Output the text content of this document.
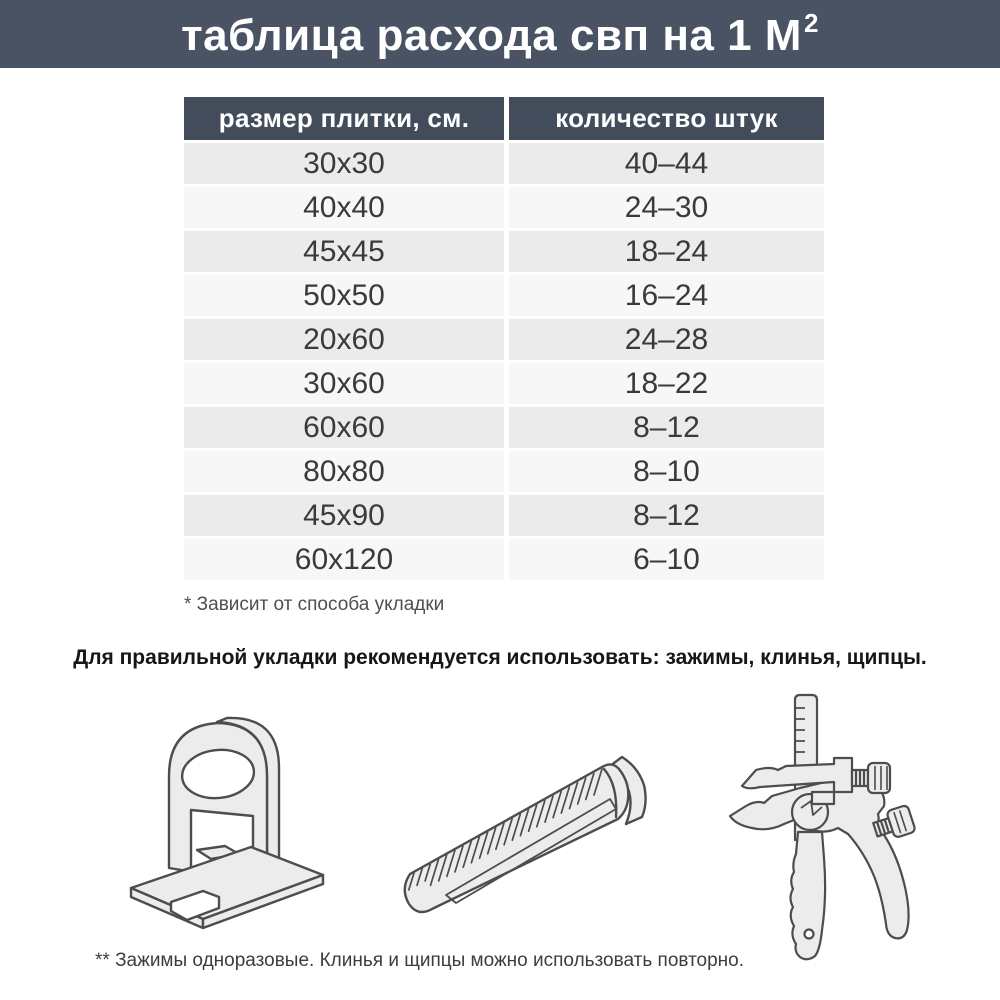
таблица расхода свп на 1 $М^2$
размер плитки, см.	количество штук
30x30	40–44
40x40	24–30
45x45	18–24
50x50	16–24
20x60	24–28
30x60	18–22
60x60	8–12
80x80	8–10
45x90	8–12
60x120	6–10
* Зависит от способа укладки
Для правильной укладки рекомендуется использовать: зажимы, клинья, щипцы.
** Зажимы одноразовые. Клинья и щипцы можно использовать повторно.
